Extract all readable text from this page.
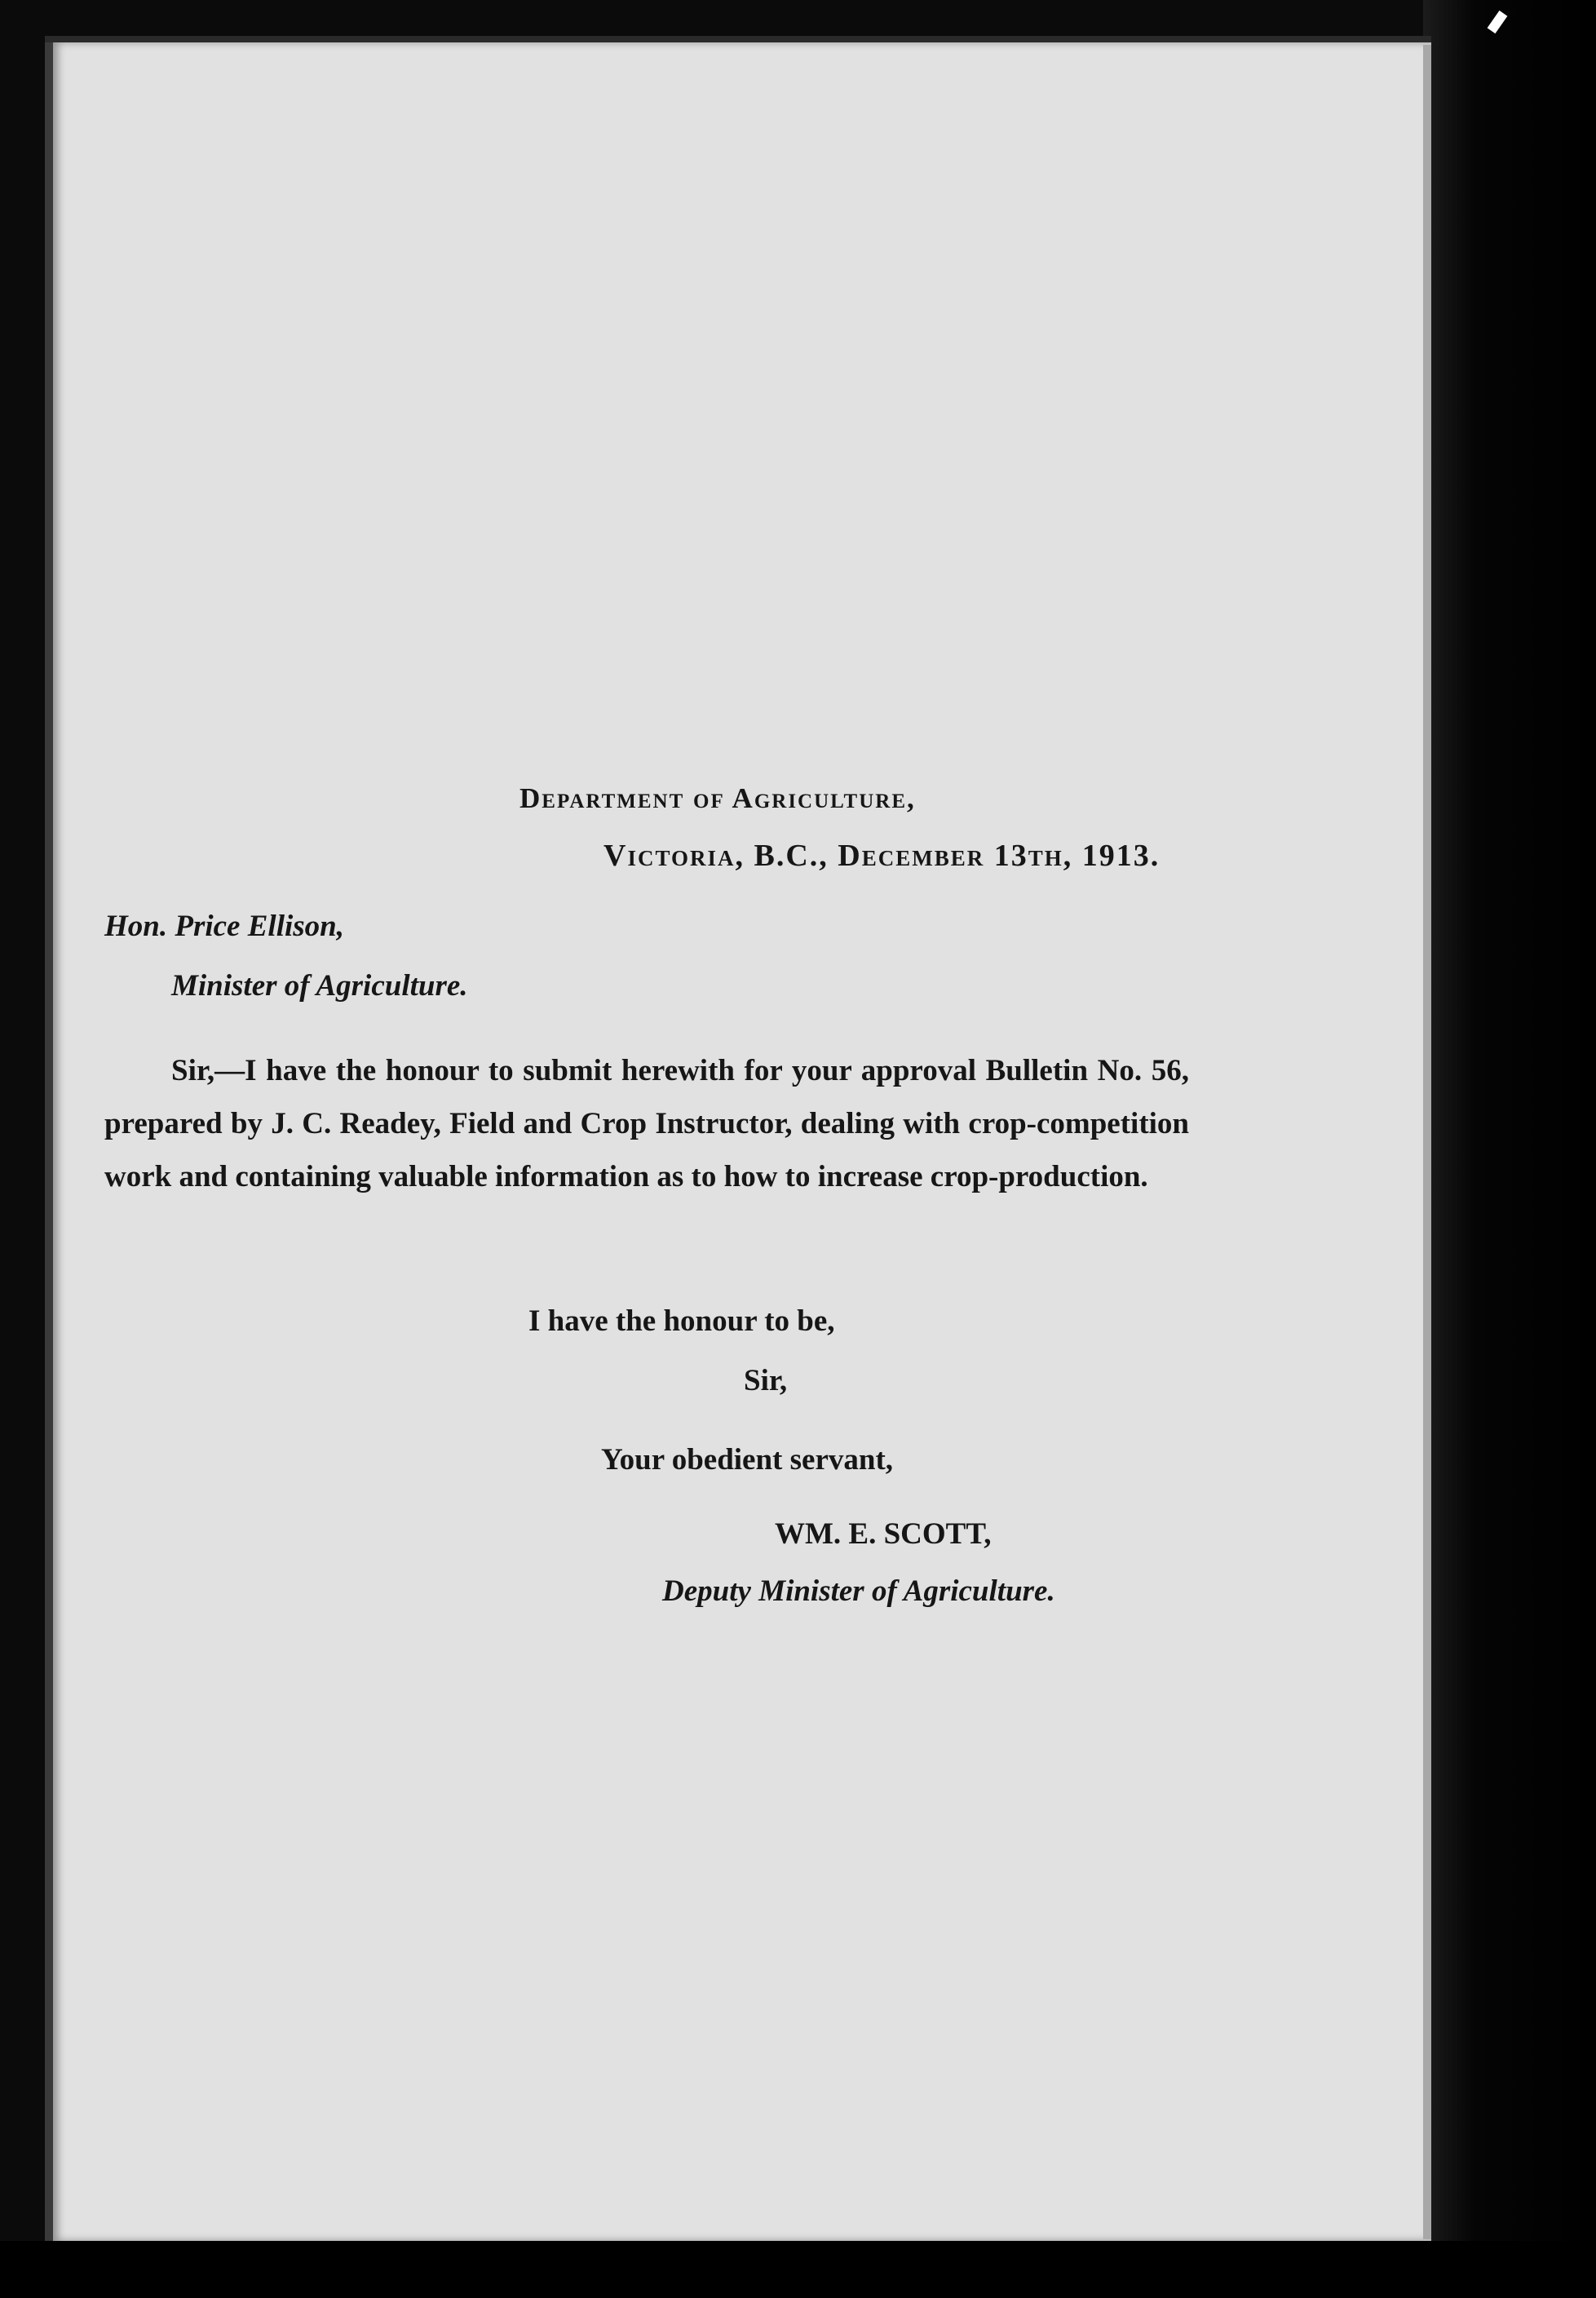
Department of Agriculture,
Victoria, B.C., December 13th, 1913.
Hon. Price Ellison,
Minister of Agriculture.
Sir,—I have the honour to submit herewith for your approval Bulletin No. 56, prepared by J. C. Readey, Field and Crop Instructor, dealing with crop-competition work and containing valuable information as to how to increase crop-production.
I have the honour to be,
Sir,
Your obedient servant,
WM. E. SCOTT,
Deputy Minister of Agriculture.
